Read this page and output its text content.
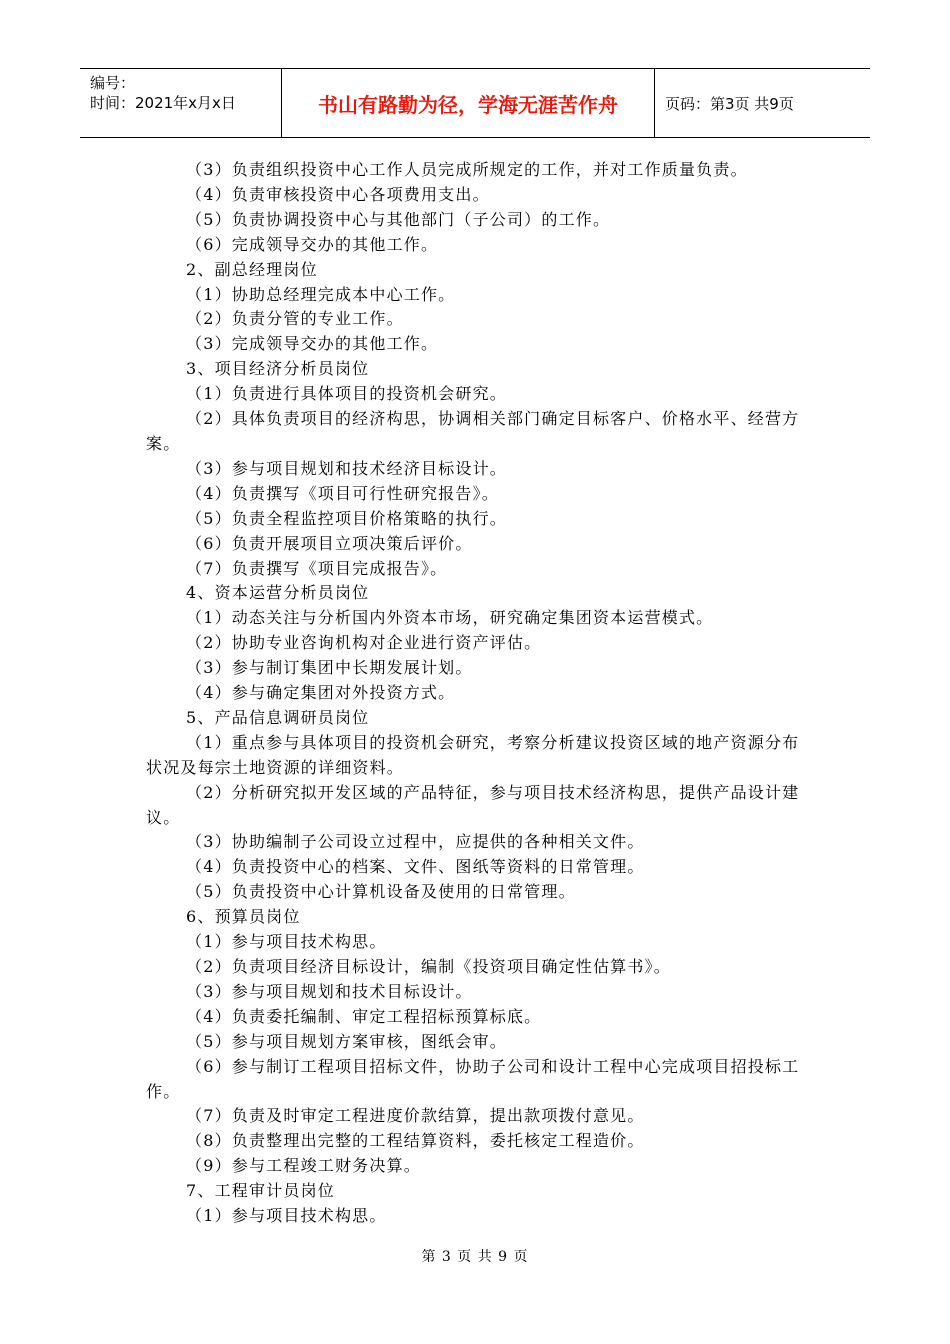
编号：
时间：2021年x月x日	书山有路勤为径，学海无涯苦作舟	页码：第3页 共9页

（3）负责组织投资中心工作人员完成所规定的工作，并对工作质量负责。

（4）负责审核投资中心各项费用支出。

（5）负责协调投资中心与其他部门（子公司）的工作。

（6）完成领导交办的其他工作。

2、副总经理岗位

（1）协助总经理完成本中心工作。

（2）负责分管的专业工作。

（3）完成领导交办的其他工作。

3、项目经济分析员岗位

（1）负责进行具体项目的投资机会研究。

（2）具体负责项目的经济构思，协调相关部门确定目标客户、价格水平、经营方案。

（3）参与项目规划和技术经济目标设计。

（4）负责撰写《项目可行性研究报告》。

（5）负责全程监控项目价格策略的执行。

（6）负责开展项目立项决策后评价。

（7）负责撰写《项目完成报告》。

4、资本运营分析员岗位

（1）动态关注与分析国内外资本市场，研究确定集团资本运营模式。

（2）协助专业咨询机构对企业进行资产评估。

（3）参与制订集团中长期发展计划。

（4）参与确定集团对外投资方式。

5、产品信息调研员岗位

（1）重点参与具体项目的投资机会研究，考察分析建议投资区域的地产资源分布状况及每宗土地资源的详细资料。

（2）分析研究拟开发区域的产品特征，参与项目技术经济构思，提供产品设计建议。

（3）协助编制子公司设立过程中，应提供的各种相关文件。

（4）负责投资中心的档案、文件、图纸等资料的日常管理。

（5）负责投资中心计算机设备及使用的日常管理。

6、预算员岗位

（1）参与项目技术构思。

（2）负责项目经济目标设计，编制《投资项目确定性估算书》。

（3）参与项目规划和技术目标设计。

（4）负责委托编制、审定工程招标预算标底。

（5）参与项目规划方案审核，图纸会审。

（6）参与制订工程项目招标文件，协助子公司和设计工程中心完成项目招投标工作。

（7）负责及时审定工程进度价款结算，提出款项拨付意见。

（8）负责整理出完整的工程结算资料，委托核定工程造价。

（9）参与工程竣工财务决算。

7、工程审计员岗位

（1）参与项目技术构思。

第 3 页 共 9 页
